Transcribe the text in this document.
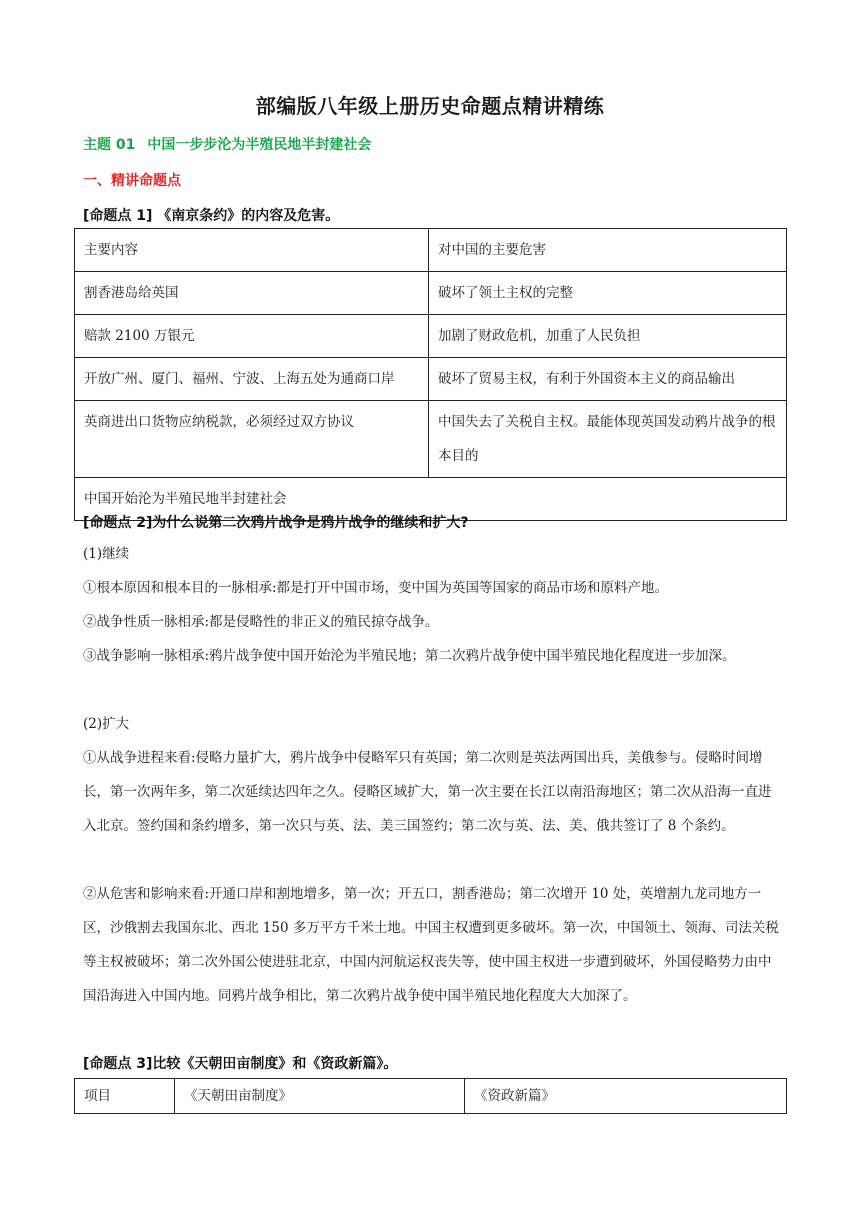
部编版八年级上册历史命题点精讲精练
主题 01 中国一步步沦为半殖民地半封建社会
一、精讲命题点
[命题点 1] 《南京条约》的内容及危害。
主要内容	对中国的主要危害
割香港岛给英国	破坏了领土主权的完整
赔款 2100 万银元	加剧了财政危机，加重了人民负担
开放广州、厦门、福州、宁波、上海五处为通商口岸	破坏了贸易主权，有利于外国资本主义的商品输出
英商进出口货物应纳税款，必须经过双方协议	中国失去了关税自主权。最能体现英国发动鸦片战争的根本目的
中国开始沦为半殖民地半封建社会	
[命题点 2]为什么说第二次鸦片战争是鸦片战争的继续和扩大?
(1)继续
①根本原因和根本目的一脉相承:都是打开中国市场，变中国为英国等国家的商品市场和原料产地。
②战争性质一脉相承:都是侵略性的非正义的殖民掠夺战争。
③战争影响一脉相承:鸦片战争使中国开始沦为半殖民地；第二次鸦片战争使中国半殖民地化程度进一步加深。
(2)扩大
①从战争进程来看:侵略力量扩大，鸦片战争中侵略军只有英国；第二次则是英法两国出兵，美俄参与。侵略时间增长，第一次两年多，第二次延续达四年之久。侵略区域扩大，第一次主要在长江以南沿海地区；第二次从沿海一直进入北京。签约国和条约增多，第一次只与英、法、美三国签约；第二次与英、法、美、俄共签订了 8 个条约。
②从危害和影响来看:开通口岸和割地增多，第一次；开五口，割香港岛；第二次增开 10 处，英增割九龙司地方一区，沙俄割去我国东北、西北 150 多万平方千米土地。中国主权遭到更多破坏。第一次，中国领土、领海、司法关税等主权被破坏；第二次外国公使进驻北京，中国内河航运权丧失等，使中国主权进一步遭到破坏，外国侵略势力由中国沿海进入中国内地。同鸦片战争相比，第二次鸦片战争使中国半殖民地化程度大大加深了。
[命题点 3]比较《天朝田亩制度》和《资政新篇》。
项目	《天朝田亩制度》	《资政新篇》
